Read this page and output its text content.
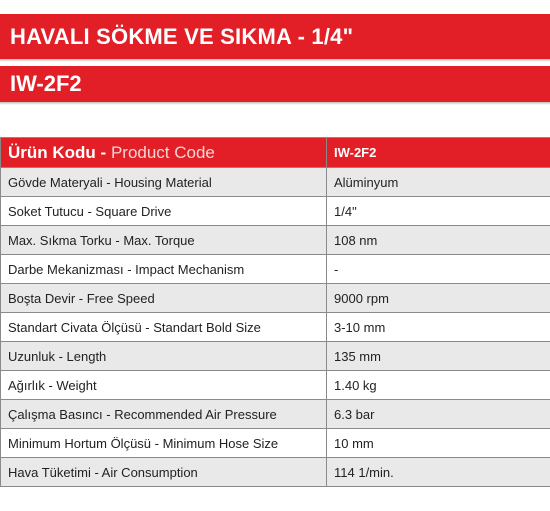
HAVALI SÖKME VE SIKMA - 1/4"
IW-2F2
Ürün Kodu - Product Code	IW-2F2
Gövde Materyali - Housing Material	Alüminyum
Soket Tutucu - Square Drive	1/4"
Max. Sıkma Torku - Max. Torque	108 nm
Darbe Mekanizması - Impact Mechanism	-
Boşta Devir - Free Speed	9000 rpm
Standart Civata Ölçüsü - Standart Bold Size	3-10 mm
Uzunluk - Length	135 mm
Ağırlık - Weight	1.40 kg
Çalışma Basıncı - Recommended Air Pressure	6.3 bar
Minimum Hortum Ölçüsü - Minimum Hose Size	10 mm
Hava Tüketimi - Air Consumption	114 1/min.
